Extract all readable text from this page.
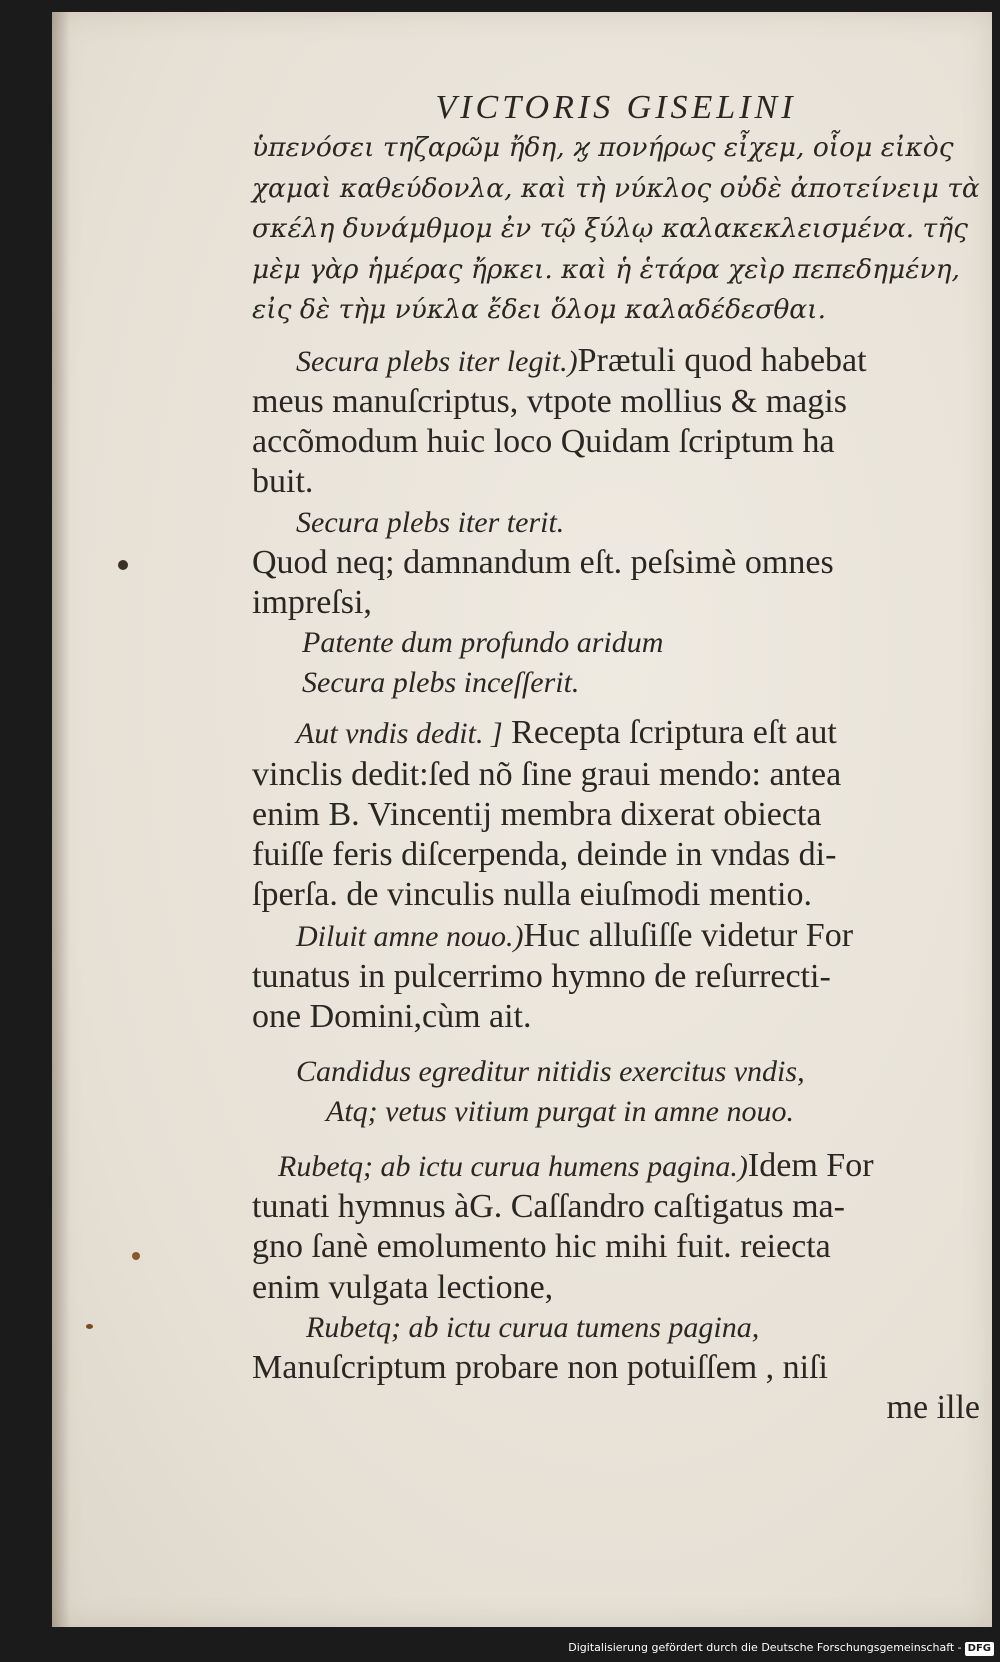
VICTORIS GISELINI
ὑπενόσει τηζαρῶμ ἤδη, ϗ πονήρως εἶχεμ, οἷομ εἰκὸς
χαμαὶ καθεύδονλα, καὶ τὴ νύκλος οὐδὲ ἀποτείνειμ τὰ
σκέλη δυνάμθμομ ἐν τῷ ξύλῳ καλακεκλεισμένα. τῆς
μὲμ γὰρ ἡμέρας ἤρκει. καὶ ἡ ἑτάρα χεὶρ πεπεδημένη,
εἰς δὲ τὴμ νύκλα ἔδει ὅλομ καλαδέδεσθαι.
Secura plebs iter legit.)Prætuli quod habebat
meus manuſcriptus, vtpote mollius & magis
accõmodum huic loco Quidam ſcriptum ha
buit.
Secura plebs iter terit.
Quod neq; damnandum eſt. peſsimè omnes
impreſsi,
Patente dum profundo aridum
Secura plebs inceſſerit.
Aut vndis dedit. ] Recepta ſcriptura eſt aut
vinclis dedit:ſed nõ ſine graui mendo: antea
enim B. Vincentij membra dixerat obiecta
fuiſſe feris diſcerpenda, deinde in vndas di-
ſperſa. de vinculis nulla eiuſmodi mentio.
Diluit amne nouo.)Huc alluſiſſe videtur For
tunatus in pulcerrimo hymno de reſurrecti-
one Domini,cùm ait.
Candidus egreditur nitidis exercitus vndis,
Atq; vetus vitium purgat in amne nouo.
Rubetq; ab ictu curua humens pagina.)Idem For
tunati hymnus àG. Caſſandro caſtigatus ma-
gno ſanè emolumento hic mihi fuit. reiecta
enim vulgata lectione,
Rubetq; ab ictu curua tumens pagina,
Manuſcriptum probare non potuiſſem , niſi
me ille
Digitalisierung gefördert durch die Deutsche Forschungsgemeinschaft - DFG
